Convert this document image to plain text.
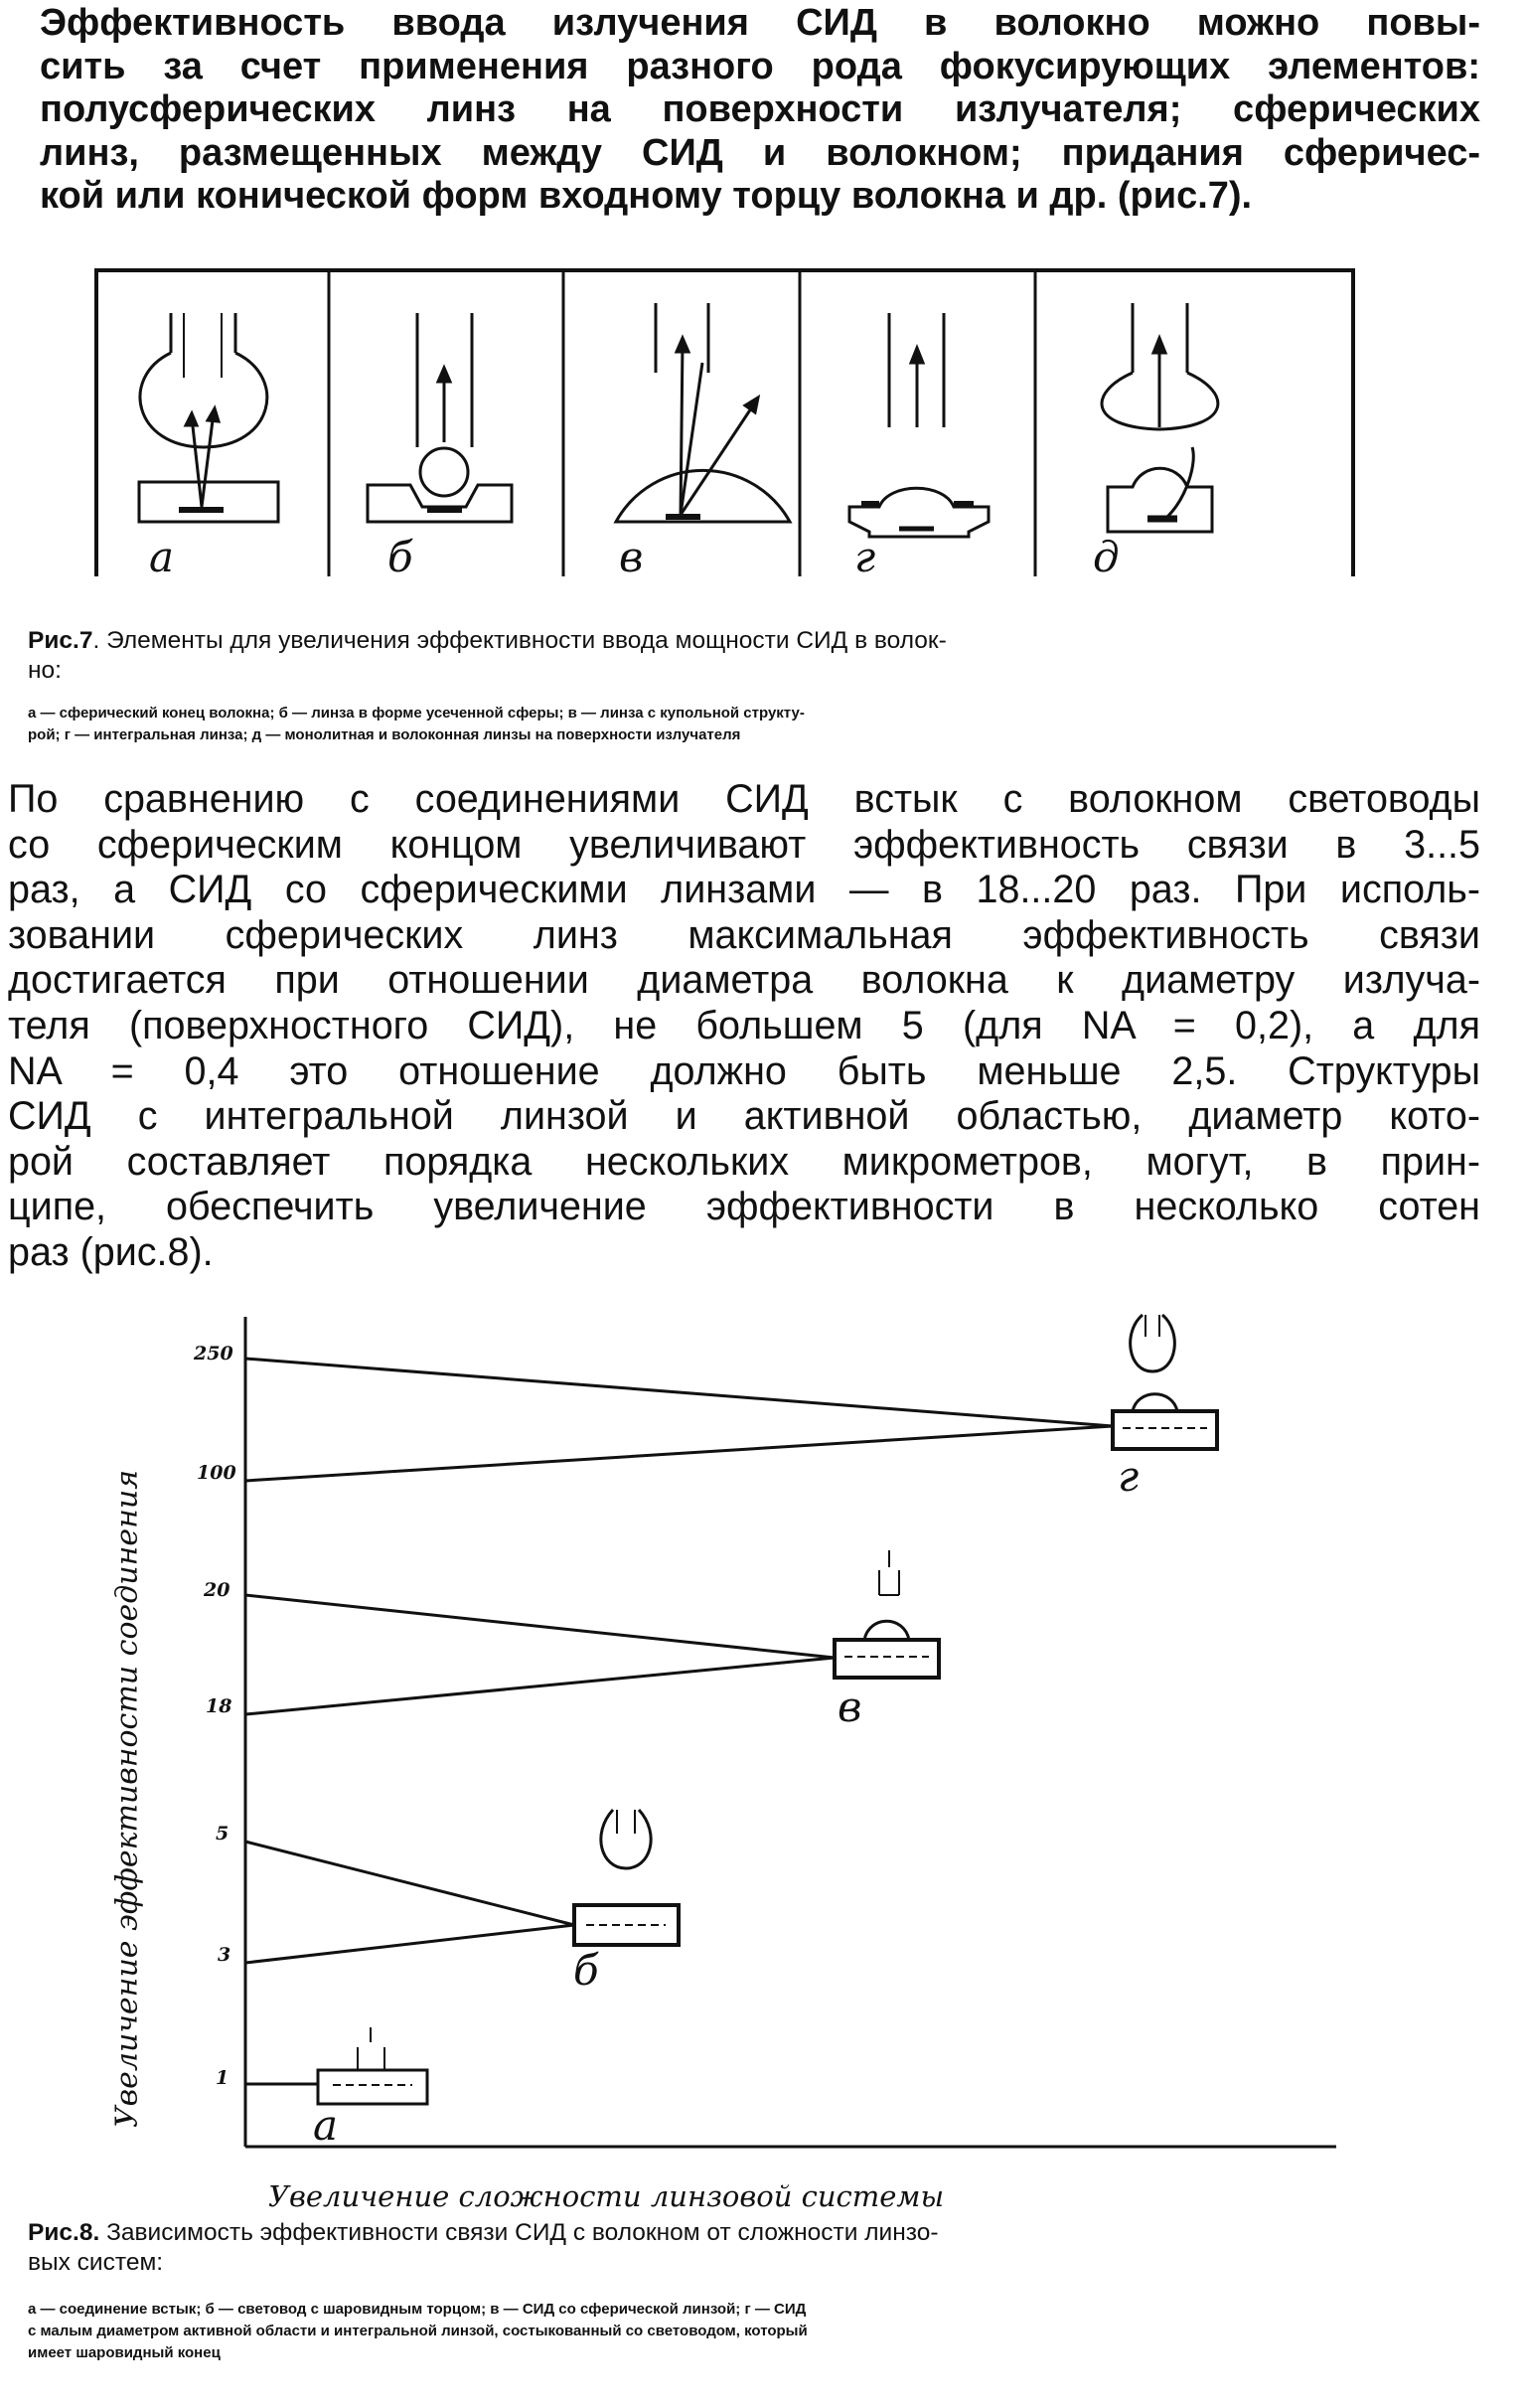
Эффективность ввода излучения СИД в волокно можно повы-
сить за счет применения разного рода фокусирующих элементов:
полусферических линз на поверхности излучателя; сферических
линз, размещенных между СИД и волокном; придания сферичес-
кой или конической форм входному торцу волокна и др. (рис.7).
а	б	в	г	д
Рис.7. Элементы для увеличения эффективности ввода мощности СИД в волок-
но:
а — сферический конец волокна; б — линза в форме усеченной сферы; в — линза с купольной структу-
рой; г — интегральная линза; д — монолитная и волоконная линзы на поверхности излучателя
По сравнению с соединениями СИД встык с волокном световоды
со сферическим концом увеличивают эффективность связи в 3...5
раз, а СИД со сферическими линзами — в 18...20 раз. При исполь-
зовании сферических линз максимальная эффективность связи
достигается при отношении диаметра волокна к диаметру излуча-
теля (поверхностного СИД), не большем 5 (для NA = 0,2), а для
NA = 0,4 это отношение должно быть меньше 2,5. Структуры
СИД с интегральной линзой и активной областью, диаметр кото-
рой составляет порядка нескольких микрометров, могут, в прин-
ципе, обеспечить увеличение эффективности в несколько сотен
раз (рис.8).
Увеличение эффективности соединения
250
100
20
18
5
3
1
а
б
в
г
Увеличение сложности линзовой системы
Рис.8. Зависимость эффективности связи СИД с волокном от сложности линзо-
вых систем:
а — соединение встык; б — световод с шаровидным торцом; в — СИД со сферической линзой; г — СИД
с малым диаметром активной области и интегральной линзой, состыкованный со световодом, который
имеет шаровидный конец
